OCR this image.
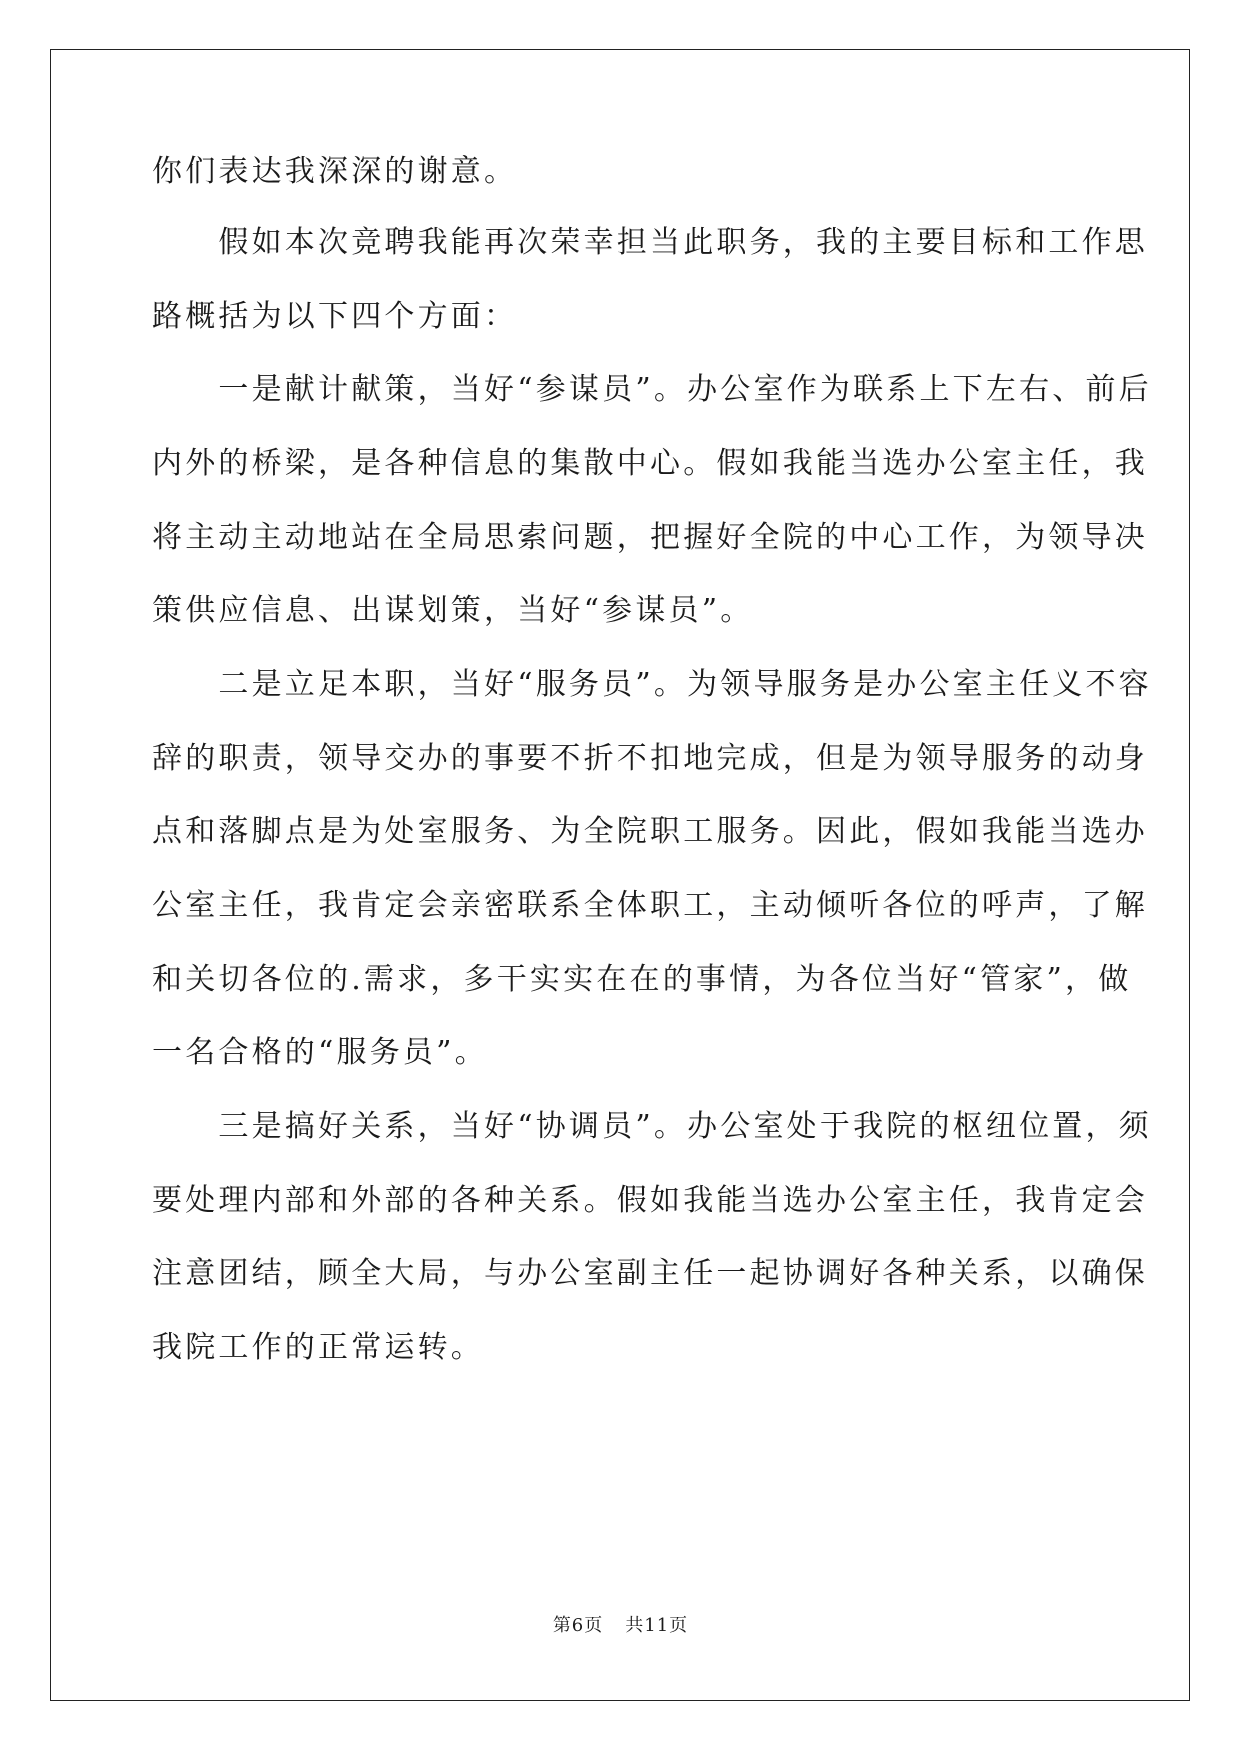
你们表达我深深的谢意。
　　假如本次竞聘我能再次荣幸担当此职务，我的主要目标和工作思
路概括为以下四个方面：
　　一是献计献策，当好“参谋员”。办公室作为联系上下左右、前后
内外的桥梁，是各种信息的集散中心。假如我能当选办公室主任，我
将主动主动地站在全局思索问题，把握好全院的中心工作，为领导决
策供应信息、出谋划策，当好“参谋员”。
　　二是立足本职，当好“服务员”。为领导服务是办公室主任义不容
辞的职责，领导交办的事要不折不扣地完成，但是为领导服务的动身
点和落脚点是为处室服务、为全院职工服务。因此，假如我能当选办
公室主任，我肯定会亲密联系全体职工，主动倾听各位的呼声，了解
和关切各位的.需求，多干实实在在的事情，为各位当好“管家”，做
一名合格的“服务员”。
　　三是搞好关系，当好“协调员”。办公室处于我院的枢纽位置，须
要处理内部和外部的各种关系。假如我能当选办公室主任，我肯定会
注意团结，顾全大局，与办公室副主任一起协调好各种关系，以确保
我院工作的正常运转。
第6页 共11页
